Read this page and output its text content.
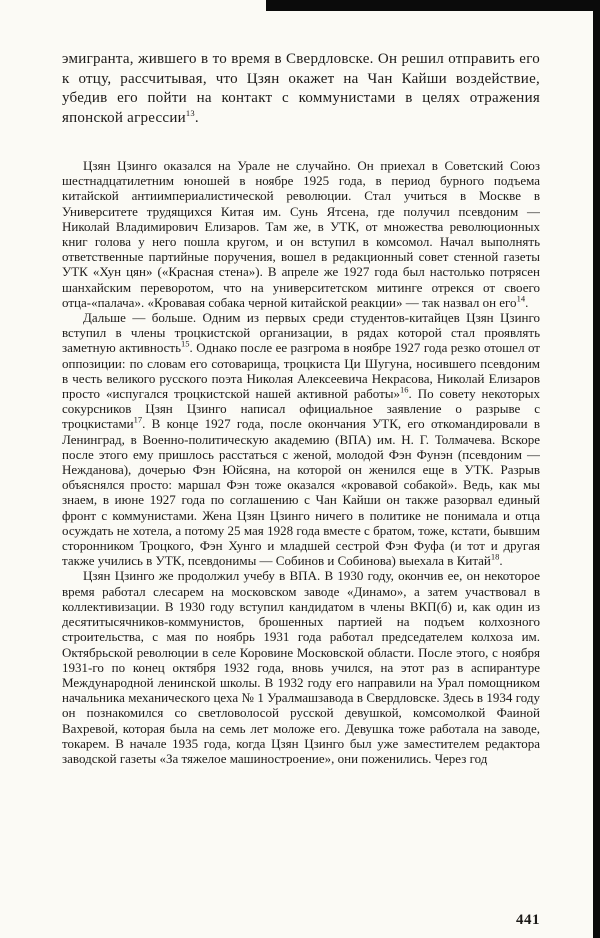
эмигранта, жившего в то время в Свердловске. Он решил отправить его к отцу, рассчитывая, что Цзян окажет на Чан Кайши воздействие, убедив его пойти на контакт с коммунистами в целях отражения японской агрессии$^{13}$.

Цзян Цзинго оказался на Урале не случайно. Он приехал в Советский Союз шестнадцатилетним юношей в ноябре 1925 года, в период бурного подъема китайской антиимпериалистической революции. Стал учиться в Москве в Университете трудящихся Китая им. Сунь Ятсена, где получил псевдоним — Николай Владимирович Елизаров. Там же, в УТК, от множества революционных книг голова у него пошла кругом, и он вступил в комсомол. Начал выполнять ответственные партийные поручения, вошел в редакционный совет стенной газеты УТК «Хун цян» («Красная стена»). В апреле же 1927 года был настолько потрясен шанхайским переворотом, что на университетском митинге отрекся от своего отца-«палача». «Кровавая собака черной китайской реакции» — так назвал он его$^{14}$.

Дальше — больше. Одним из первых среди студентов-китайцев Цзян Цзинго вступил в члены троцкистской организации, в рядах которой стал проявлять заметную активность$^{15}$. Однако после ее разгрома в ноябре 1927 года резко отошел от оппозиции: по словам его сотоварища, троцкиста Ци Шугуна, носившего псевдоним в честь великого русского поэта Николая Алексеевича Некрасова, Николай Елизаров просто «испугался троцкистской нашей активной работы»$^{16}$. По совету некоторых сокурсников Цзян Цзинго написал официальное заявление о разрыве с троцкистами$^{17}$. В конце 1927 года, после окончания УТК, его откомандировали в Ленинград, в Военно-политическую академию (ВПА) им. Н. Г. Толмачева. Вскоре после этого ему пришлось расстаться с женой, молодой Фэн Фунэн (псевдоним — Нежданова), дочерью Фэн Юйсяна, на которой он женился еще в УТК. Разрыв объяснялся просто: маршал Фэн тоже оказался «кровавой собакой». Ведь, как мы знаем, в июне 1927 года по соглашению с Чан Кайши он также разорвал единый фронт с коммунистами. Жена Цзян Цзинго ничего в политике не понимала и отца осуждать не хотела, а потому 25 мая 1928 года вместе с братом, тоже, кстати, бывшим сторонником Троцкого, Фэн Хунго и младшей сестрой Фэн Фуфа (и тот и другая также учились в УТК, псевдонимы — Собинов и Собинова) выехала в Китай$^{18}$.

Цзян Цзинго же продолжил учебу в ВПА. В 1930 году, окончив ее, он некоторое время работал слесарем на московском заводе «Динамо», а затем участвовал в коллективизации. В 1930 году вступил кандидатом в члены ВКП(б) и, как один из десятитысячников-коммунистов, брошенных партией на подъем колхозного строительства, с мая по ноябрь 1931 года работал председателем колхоза им. Октябрьской революции в селе Коровине Московской области. После этого, с ноября 1931-го по конец октября 1932 года, вновь учился, на этот раз в аспирантуре Международной ленинской школы. В 1932 году его направили на Урал помощником начальника механического цеха № 1 Уралмашзавода в Свердловске. Здесь в 1934 году он познакомился со светловолосой русской девушкой, комсомолкой Фаиной Вахревой, которая была на семь лет моложе его. Девушка тоже работала на заводе, токарем. В начале 1935 года, когда Цзян Цзинго был уже заместителем редактора заводской газеты «За тяжелое машиностроение», они поженились. Через год

441
